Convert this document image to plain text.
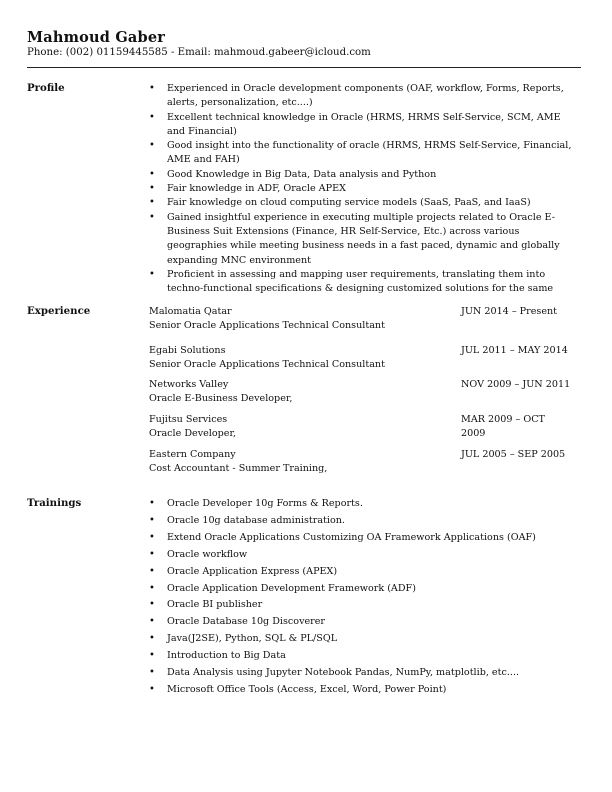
Mahmoud Gaber
Phone: (002) 01159445585 - Email: mahmoud.gabeer@icloud.com
Profile	• Experienced in Oracle development components (OAF, workflow, Forms, Reports, alerts, personalization, etc....)
• Excellent technical knowledge in Oracle (HRMS, HRMS Self-Service, SCM, AME and Financial)
• Good insight into the functionality of oracle (HRMS, HRMS Self-Service, Financial, AME and FAH)
• Good Knowledge in Big Data, Data analysis and Python
• Fair knowledge in ADF, Oracle APEX
• Fair knowledge on cloud computing service models (SaaS, PaaS, and IaaS)
• Gained insightful experience in executing multiple projects related to Oracle E-Business Suit Extensions (Finance, HR Self-Service, Etc.) across various geographies while meeting business needs in a fast paced, dynamic and globally expanding MNC environment
• Proficient in assessing and mapping user requirements, translating them into techno-functional specifications & designing customized solutions for the same
Experience	Malomatia Qatar
Senior Oracle Applications Technical Consultant
JUN 2014 – Present
Egabi Solutions
Senior Oracle Applications Technical Consultant
JUL 2011 – MAY 2014
Networks Valley
Oracle E-Business Developer,
NOV 2009 – JUN 2011
Fujitsu Services
Oracle Developer,
MAR 2009 – OCT 2009
Eastern Company
Cost Accountant - Summer Training,
JUL 2005 – SEP 2005
Trainings	• Oracle Developer 10g Forms & Reports.
• Oracle 10g database administration.
• Extend Oracle Applications Customizing OA Framework Applications (OAF)
• Oracle workflow
• Oracle Application Express (APEX)
• Oracle Application Development Framework (ADF)
• Oracle BI publisher
• Oracle Database 10g Discoverer
• Java(J2SE), Python, SQL & PL/SQL
• Introduction to Big Data
• Data Analysis using Jupyter Notebook Pandas, NumPy, matplotlib, etc....
• Microsoft Office Tools (Access, Excel, Word, Power Point)
